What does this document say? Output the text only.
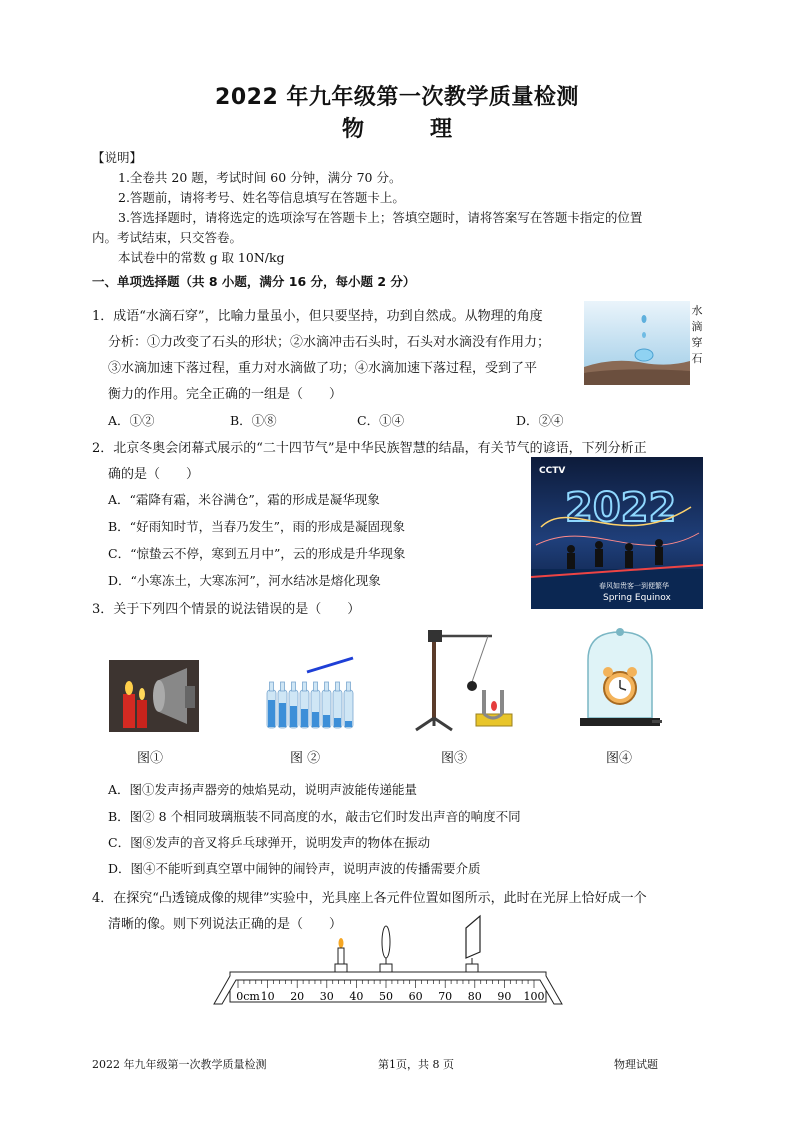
2022 年九年级第一次教学质量检测
物　理
【说明】
1.全卷共 20 题，考试时间 60 分钟，满分 70 分。
2.答题前，请将考号、姓名等信息填写在答题卡上。
3.答选择题时，请将选定的选项涂写在答题卡上；答填空题时，请将答案写在答题卡指定的位置
内。考试结束，只交答卷。
本试卷中的常数 g 取 10N/kg
一、单项选择题（共 8 小题，满分 16 分，每小题 2 分）
1．成语“水滴石穿”，比喻力量虽小，但只要坚持，功到自然成。从物理的角度
分析：①力改变了石头的形状；②水滴冲击石头时，石头对水滴没有作用力；
③水滴加速下落过程，重力对水滴做了功；④水滴加速下落过程，受到了平
衡力的作用。完全正确的一组是（　　）
A．①②	B．①⑧	C．①④	D．②④
水
滴
穿
石
2．北京冬奥会闭幕式展示的“二十四节气”是中华民族智慧的结晶，有关节气的谚语，下列分析正
确的是（　　）
A．“霜降有霜，米谷满仓”，霜的形成是凝华现象
B．“好雨知时节，当春乃发生”，雨的形成是凝固现象
C．“惊蛰云不停，寒到五月中”，云的形成是升华现象
D．“小寒冻土，大寒冻河”，河水结冰是熔化现象
CCTV
2022
春风如贵客一到便繁华
Spring Equinox
3．关于下列四个情景的说法错误的是（　　）
图①	图 ②	图③	图④
A．图①发声扬声器旁的烛焰晃动，说明声波能传递能量
B．图② 8 个相同玻璃瓶装不同高度的水，敲击它们时发出声音的响度不同
C．图⑧发声的音叉将乒乓球弹开，说明发声的物体在振动
D．图④不能听到真空罩中闹钟的闹铃声，说明声波的传播需要介质
4．在探究“凸透镜成像的规律”实验中，光具座上各元件位置如图所示，此时在光屏上恰好成一个
清晰的像。则下列说法正确的是（　　）
0cm 10 20 30 40 50 60 70 80 90 100
2022 年九年级第一次教学质量检测	第1页，共 8 页	物理试题
